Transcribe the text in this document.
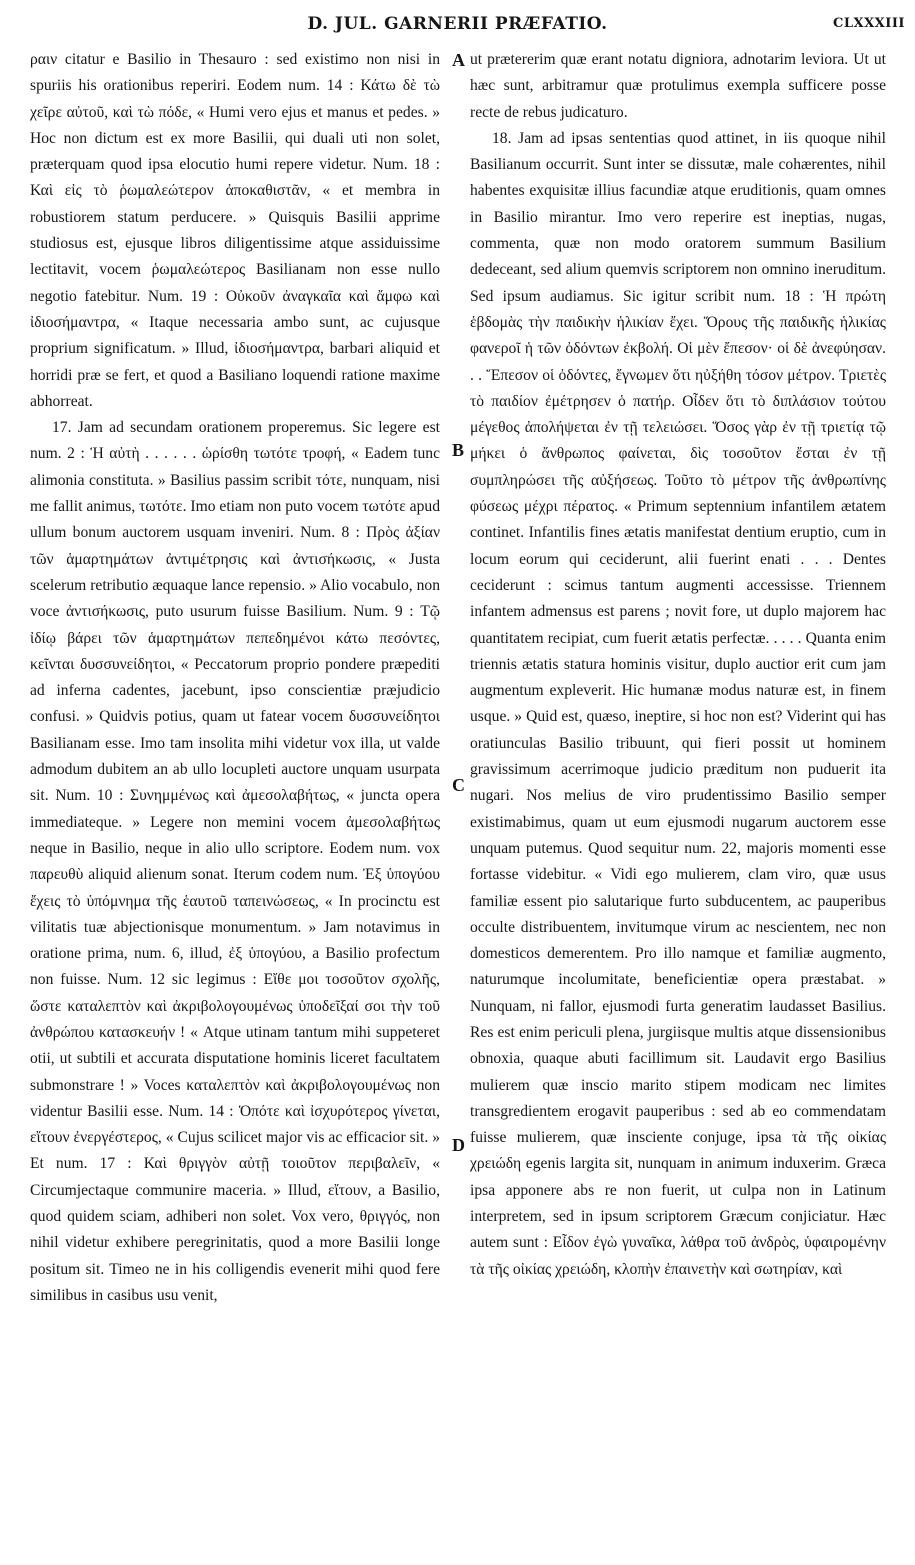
D. JUL. GARNERII PRÆFATIO.	CLXXXIII
A
B
C
D

ραιν citatur e Basilio in Thesauro : sed existimo non nisi in spuriis his orationibus reperiri. Eodem num. 14 : Κάτω δὲ τὼ χεῖρε αὐτοῦ, καὶ τὼ πόδε, « Humi vero ejus et manus et pedes. » Hoc non dictum est ex more Basilii, qui duali uti non solet, præterquam quod ipsa elocutio humi repere videtur. Num. 18 : Καὶ εἰς τὸ ῥωμαλεώτερον ἀποκαθιστᾶν, « et membra in robustiorem statum perducere. » Quisquis Basilii apprime studiosus est, ejusque libros diligentissime atque assiduissime lectitavit, vocem ῥωμαλεώτερος Basilianam non esse nullo negotio fatebitur. Num. 19 : Οὐκοῦν ἀναγκαῖα καὶ ἄμφω καὶ ἰδιοσήμαντρα, « Itaque necessaria ambo sunt, ac cujusque proprium significatum. » Illud, ἰδιοσήμαντρα, barbari aliquid et horridi præ se fert, et quod a Basiliano loquendi ratione maxime abhorreat.

17. Jam ad secundam orationem properemus. Sic legere est num. 2 : Ἡ αὐτὴ . . . . . . ὡρίσθη τωτότε τροφή, « Eadem tunc alimonia constituta. » Basilius passim scribit τότε, nunquam, nisi me fallit animus, τωτότε. Imo etiam non puto vocem τωτότε apud ullum bonum auctorem usquam inveniri. Num. 8 : Πρὸς ἀξίαν τῶν ἁμαρτημάτων ἀντιμέτρησις καὶ ἀντισήκωσις, « Justa scelerum retributio æquaque lance repensio. » Alio vocabulo, non voce ἀντισήκωσις, puto usurum fuisse Basilium. Num. 9 : Τῷ ἰδίῳ βάρει τῶν ἁμαρτημάτων πεπεδημένοι κάτω πεσόντες, κεῖνται δυσσυνείδητοι, « Peccatorum proprio pondere præpediti ad inferna cadentes, jacebunt, ipso conscientiæ præjudicio confusi. » Quidvis potius, quam ut fatear vocem δυσσυνείδητοι Basilianam esse. Imo tam insolita mihi videtur vox illa, ut valde admodum dubitem an ab ullo locupleti auctore unquam usurpata sit. Num. 10 : Συνημμένως καὶ ἀμεσολαβήτως, « juncta opera immediateque. » Legere non memini vocem ἀμεσολαβήτως neque in Basilio, neque in alio ullo scriptore. Eodem num. vox παρευθὺ aliquid alienum sonat. Iterum codem num. Ἐξ ὑπογύου ἔχεις τὸ ὑπόμνημα τῆς ἑαυτοῦ ταπεινώσεως, « In procinctu est vilitatis tuæ abjectionisque monumentum. » Jam notavimus in oratione prima, num. 6, illud, ἐξ ὑπογύου, a Basilio profectum non fuisse. Num. 12 sic legimus : Εἴθε μοι τοσοῦτον σχολῆς, ὥστε καταλεπτὸν καὶ ἀκριβολογουμένως ὑποδεῖξαί σοι τὴν τοῦ ἀνθρώπου κατασκευήν ! « Atque utinam tantum mihi suppeteret otii, ut subtili et accurata disputatione hominis liceret facultatem submonstrare ! » Voces καταλεπτὸν καὶ ἀκριβολογουμένως non videntur Basilii esse. Num. 14 : Ὁπότε καὶ ἰσχυρότερος γίνεται, εἴτουν ἐνεργέστερος, « Cujus scilicet major vis ac efficacior sit. » Et num. 17 : Καὶ θριγγὸν αὐτῇ τοιοῦτον περιβαλεῖν, « Circumjectaque communire maceria. » Illud, εἴτουν, a Basilio, quod quidem sciam, adhiberi non solet. Vox vero, θριγγός, non nihil videtur exhibere peregrinitatis, quod a more Basilii longe positum sit. Timeo ne in his colligendis evenerit mihi quod fere similibus in casibus usu venit,

ut prætererim quæ erant notatu digniora, adnotarim leviora. Ut ut hæc sunt, arbitramur quæ protulimus exempla sufficere posse recte de rebus judicaturo.

18. Jam ad ipsas sententias quod attinet, in iis quoque nihil Basilianum occurrit. Sunt inter se dissutæ, male cohærentes, nihil habentes exquisitæ illius facundiæ atque eruditionis, quam omnes in Basilio mirantur. Imo vero reperire est ineptias, nugas, commenta, quæ non modo oratorem summum Basilium dedeceant, sed alium quemvis scriptorem non omnino ineruditum. Sed ipsum audiamus. Sic igitur scribit num. 18 : Ἡ πρώτη ἑβδομὰς τὴν παιδικὴν ἡλικίαν ἔχει. Ὅρους τῆς παιδικῆς ἡλικίας φανεροῖ ἡ τῶν ὀδόντων ἐκβολή. Οἱ μὲν ἔπεσον· οἱ δὲ ἀνεφύησαν. . . Ἔπεσον οἱ ὀδόντες, ἔγνωμεν ὅτι ηὐξήθη τόσον μέτρον. Τριετὲς τὸ παιδίον ἐμέτρησεν ὁ πατήρ. Οἶδεν ὅτι τὸ διπλάσιον τούτου μέγεθος ἀπολήψεται ἐν τῇ τελειώσει. Ὅσος γὰρ ἐν τῇ τριετίᾳ τῷ μήκει ὁ ἄνθρωπος φαίνεται, δὶς τοσοῦτον ἔσται ἐν τῇ συμπληρώσει τῆς αὐξήσεως. Τοῦτο τὸ μέτρον τῆς ἀνθρωπίνης φύσεως μέχρι πέρατος. « Primum septennium infantilem ætatem continet. Infantilis fines ætatis manifestat dentium eruptio, cum in locum eorum qui ceciderunt, alii fuerint enati . . . Dentes ceciderunt : scimus tantum augmenti accessisse. Triennem infantem admensus est parens ; novit fore, ut duplo majorem hac quantitatem recipiat, cum fuerit ætatis perfectæ. . . . . Quanta enim triennis ætatis statura hominis visitur, duplo auctior erit cum jam augmentum expleverit. Hic humanæ modus naturæ est, in finem usque. » Quid est, quæso, ineptire, si hoc non est? Viderint qui has oratiunculas Basilio tribuunt, qui fieri possit ut hominem gravissimum acerrimoque judicio præditum non puduerit ita nugari. Nos melius de viro prudentissimo Basilio semper existimabimus, quam ut eum ejusmodi nugarum auctorem esse unquam putemus. Quod sequitur num. 22, majoris momenti esse fortasse videbitur. « Vidi ego mulierem, clam viro, quæ usus familiæ essent pio salutarique furto subducentem, ac pauperibus occulte distribuentem, invitumque virum ac nescientem, nec non domesticos demerentem. Pro illo namque et familiæ augmento, naturumque incolumitate, beneficientiæ opera præstabat. » Nunquam, ni fallor, ejusmodi furta generatim laudasset Basilius. Res est enim periculi plena, jurgiisque multis atque dissensionibus obnoxia, quaque abuti facillimum sit. Laudavit ergo Basilius mulierem quæ inscio marito stipem modicam nec limites transgredientem erogavit pauperibus : sed ab eo commendatam fuisse mulierem, quæ insciente conjuge, ipsa τὰ τῆς οἰκίας χρειώδη egenis largita sit, nunquam in animum induxerim. Græca ipsa apponere abs re non fuerit, ut culpa non in Latinum interpretem, sed in ipsum scriptorem Græcum conjiciatur. Hæc autem sunt : Εἶδον ἐγὼ γυναῖκα, λάθρα τοῦ ἀνδρὸς, ὑφαιρομένην τὰ τῆς οἰκίας χρειώδη, κλοπὴν ἐπαινετὴν καὶ σωτηρίαν, καὶ
